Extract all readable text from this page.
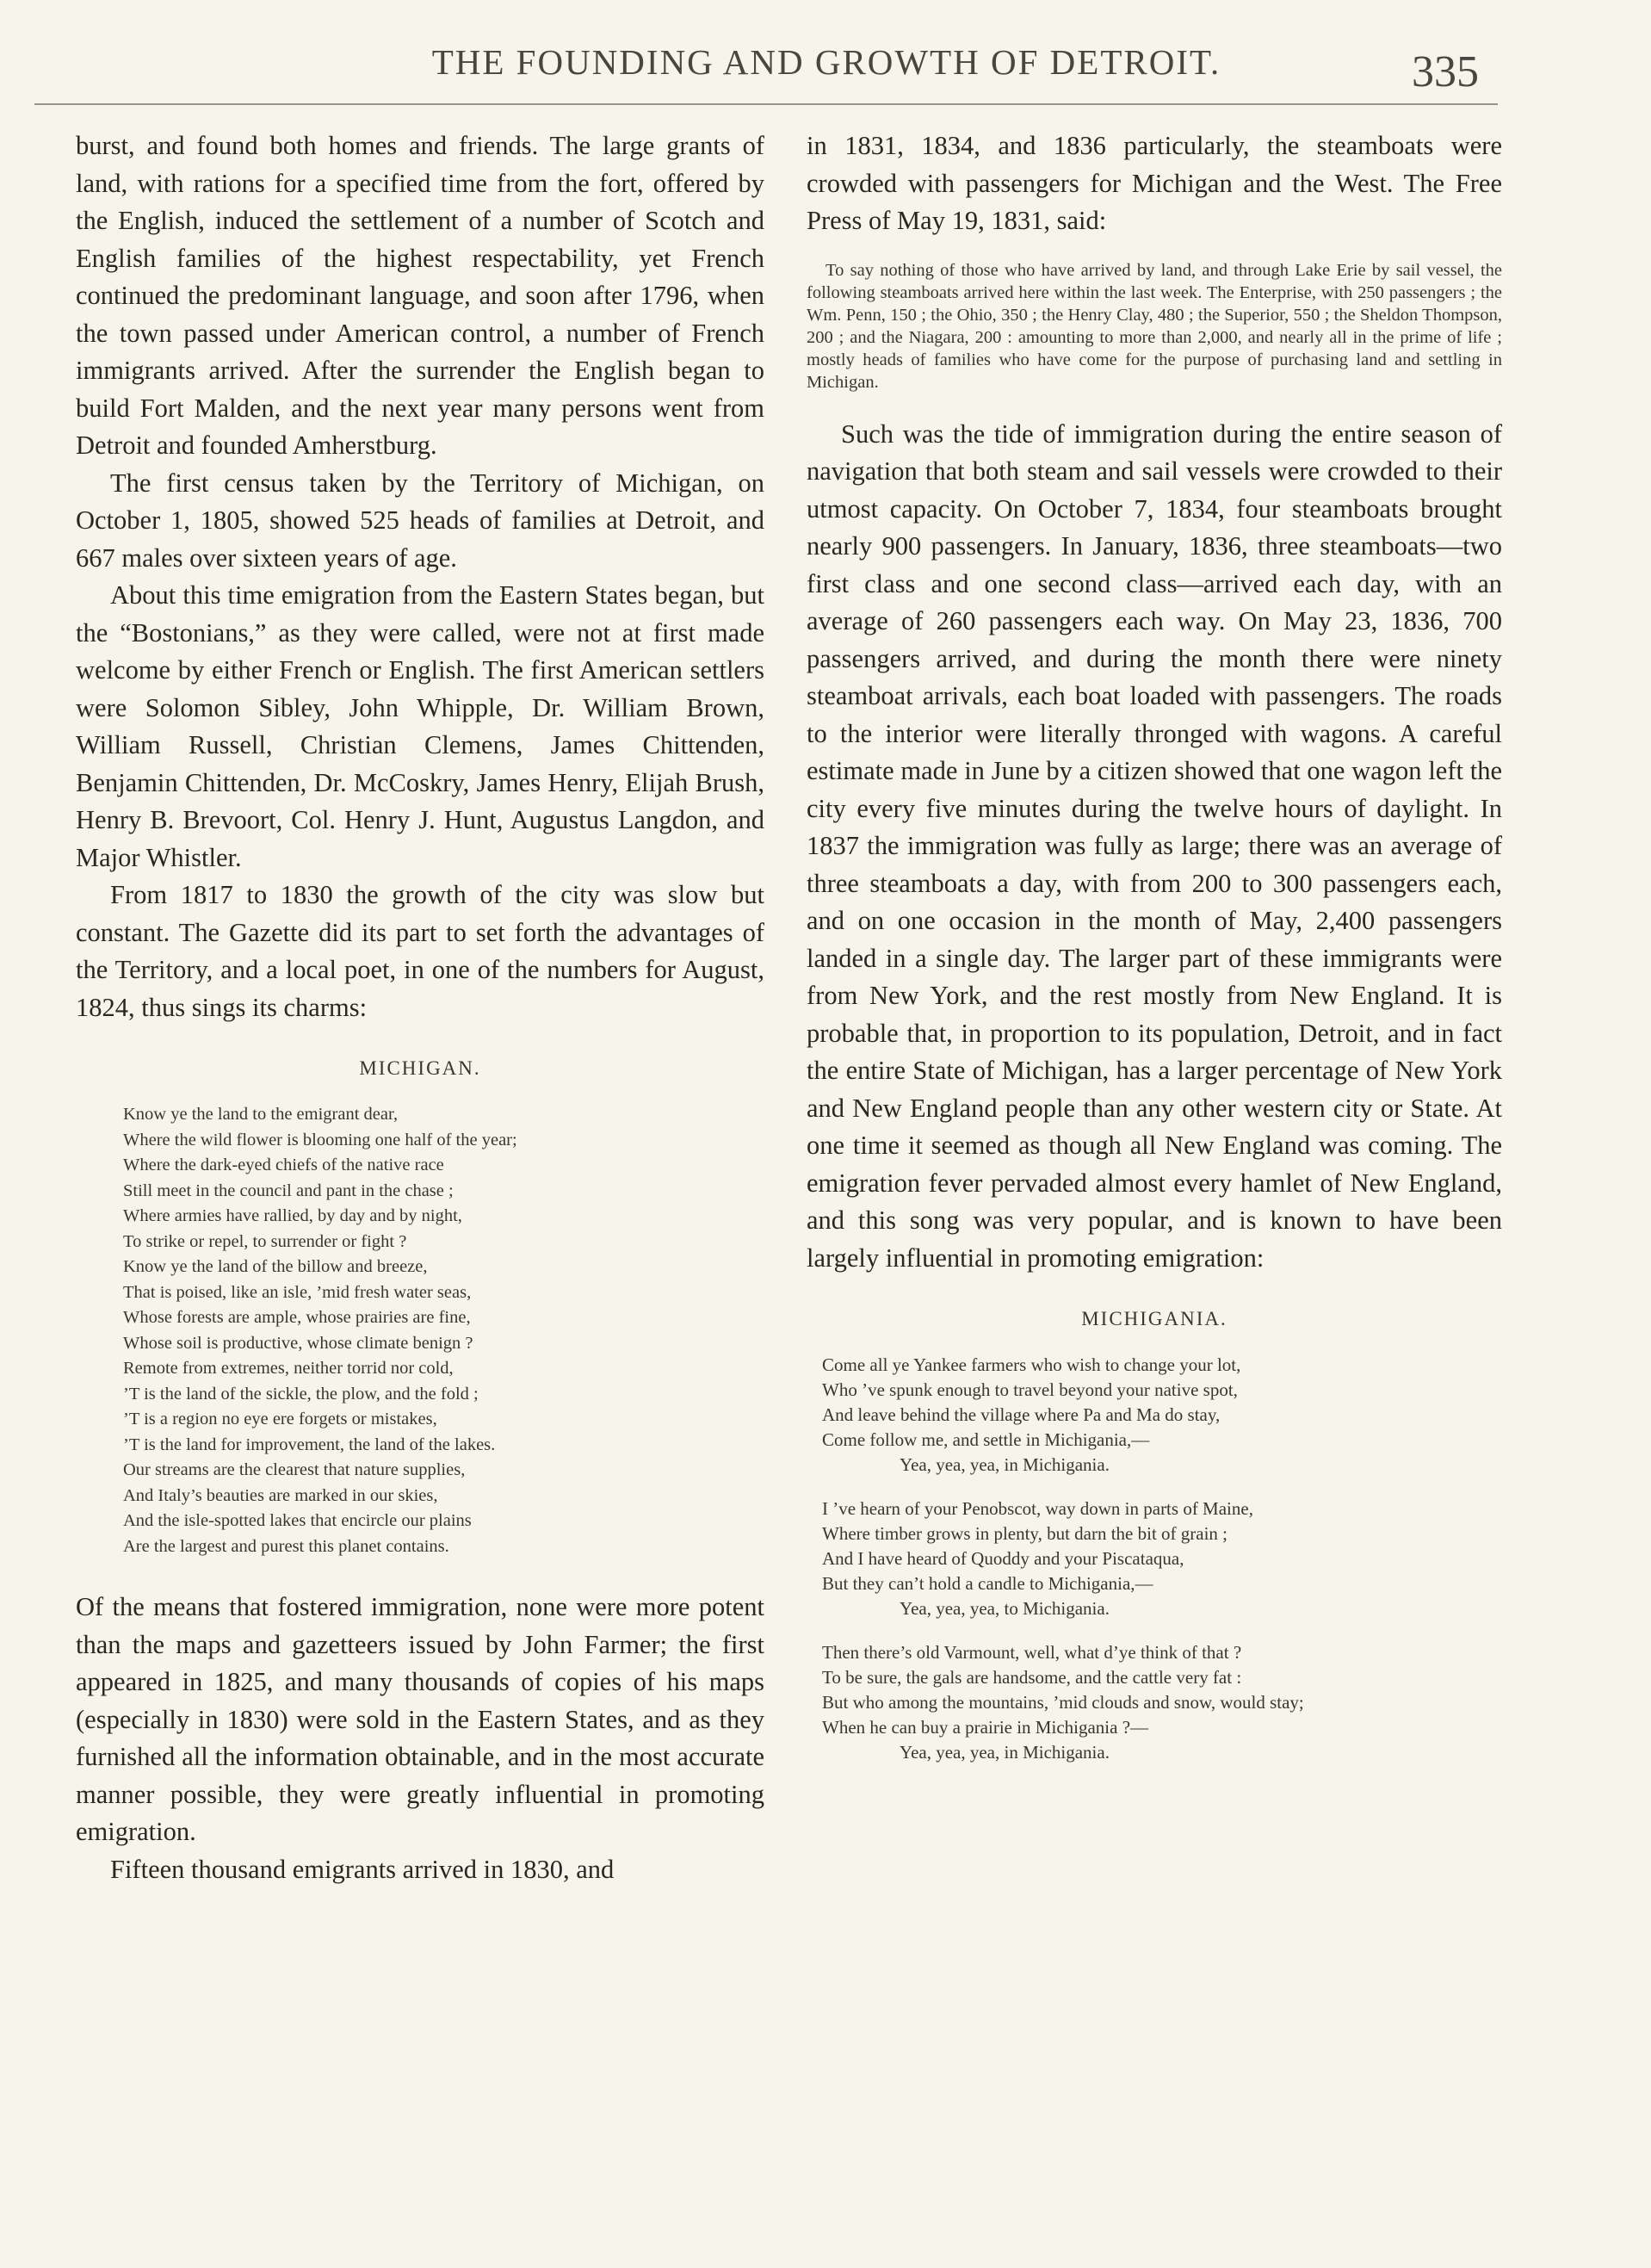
THE FOUNDING AND GROWTH OF DETROIT.	335

burst, and found both homes and friends. The large grants of land, with rations for a specified time from the fort, offered by the English, induced the settlement of a number of Scotch and English families of the highest respectability, yet French continued the predominant language, and soon after 1796, when the town passed under American control, a number of French immigrants arrived. After the surrender the English began to build Fort Malden, and the next year many persons went from Detroit and founded Amherstburg.

The first census taken by the Territory of Michigan, on October 1, 1805, showed 525 heads of families at Detroit, and 667 males over sixteen years of age.

About this time emigration from the Eastern States began, but the “Bostonians,” as they were called, were not at first made welcome by either French or English. The first American settlers were Solomon Sibley, John Whipple, Dr. William Brown, William Russell, Christian Clemens, James Chittenden, Benjamin Chittenden, Dr. McCoskry, James Henry, Elijah Brush, Henry B. Brevoort, Col. Henry J. Hunt, Augustus Langdon, and Major Whistler.

From 1817 to 1830 the growth of the city was slow but constant. The Gazette did its part to set forth the advantages of the Territory, and a local poet, in one of the numbers for August, 1824, thus sings its charms:

MICHIGAN.
Know ye the land to the emigrant dear,
Where the wild flower is blooming one half of the year;
Where the dark-eyed chiefs of the native race
Still meet in the council and pant in the chase ;
Where armies have rallied, by day and by night,
To strike or repel, to surrender or fight ?
Know ye the land of the billow and breeze,
That is poised, like an isle, ’mid fresh water seas,
Whose forests are ample, whose prairies are fine,
Whose soil is productive, whose climate benign ?
Remote from extremes, neither torrid nor cold,
’T is the land of the sickle, the plow, and the fold ;
’T is a region no eye ere forgets or mistakes,
’T is the land for improvement, the land of the lakes.
Our streams are the clearest that nature supplies,
And Italy’s beauties are marked in our skies,
And the isle-spotted lakes that encircle our plains
Are the largest and purest this planet contains.

Of the means that fostered immigration, none were more potent than the maps and gazetteers issued by John Farmer; the first appeared in 1825, and many thousands of copies of his maps (especially in 1830) were sold in the Eastern States, and as they furnished all the information obtainable, and in the most accurate manner possible, they were greatly influential in promoting emigration.

Fifteen thousand emigrants arrived in 1830, and

in 1831, 1834, and 1836 particularly, the steamboats were crowded with passengers for Michigan and the West. The Free Press of May 19, 1831, said:

To say nothing of those who have arrived by land, and through Lake Erie by sail vessel, the following steamboats arrived here within the last week. The Enterprise, with 250 passengers ; the Wm. Penn, 150 ; the Ohio, 350 ; the Henry Clay, 480 ; the Superior, 550 ; the Sheldon Thompson, 200 ; and the Niagara, 200 : amounting to more than 2,000, and nearly all in the prime of life ; mostly heads of families who have come for the purpose of purchasing land and settling in Michigan.

Such was the tide of immigration during the entire season of navigation that both steam and sail vessels were crowded to their utmost capacity. On October 7, 1834, four steamboats brought nearly 900 passengers. In January, 1836, three steamboats—two first class and one second class—arrived each day, with an average of 260 passengers each way. On May 23, 1836, 700 passengers arrived, and during the month there were ninety steamboat arrivals, each boat loaded with passengers. The roads to the interior were literally thronged with wagons. A careful estimate made in June by a citizen showed that one wagon left the city every five minutes during the twelve hours of daylight. In 1837 the immigration was fully as large; there was an average of three steamboats a day, with from 200 to 300 passengers each, and on one occasion in the month of May, 2,400 passengers landed in a single day. The larger part of these immigrants were from New York, and the rest mostly from New England. It is probable that, in proportion to its population, Detroit, and in fact the entire State of Michigan, has a larger percentage of New York and New England people than any other western city or State. At one time it seemed as though all New England was coming. The emigration fever pervaded almost every hamlet of New England, and this song was very popular, and is known to have been largely influential in promoting emigration:

MICHIGANIA.
Come all ye Yankee farmers who wish to change your lot,
Who ’ve spunk enough to travel beyond your native spot,
And leave behind the village where Pa and Ma do stay,
Come follow me, and settle in Michigania,—
Yea, yea, yea, in Michigania.
I ’ve hearn of your Penobscot, way down in parts of Maine,
Where timber grows in plenty, but darn the bit of grain ;
And I have heard of Quoddy and your Piscataqua,
But they can’t hold a candle to Michigania,—
Yea, yea, yea, to Michigania.
Then there’s old Varmount, well, what d’ye think of that ?
To be sure, the gals are handsome, and the cattle very fat :
But who among the mountains, ’mid clouds and snow, would stay;
When he can buy a prairie in Michigania ?—
Yea, yea, yea, in Michigania.
